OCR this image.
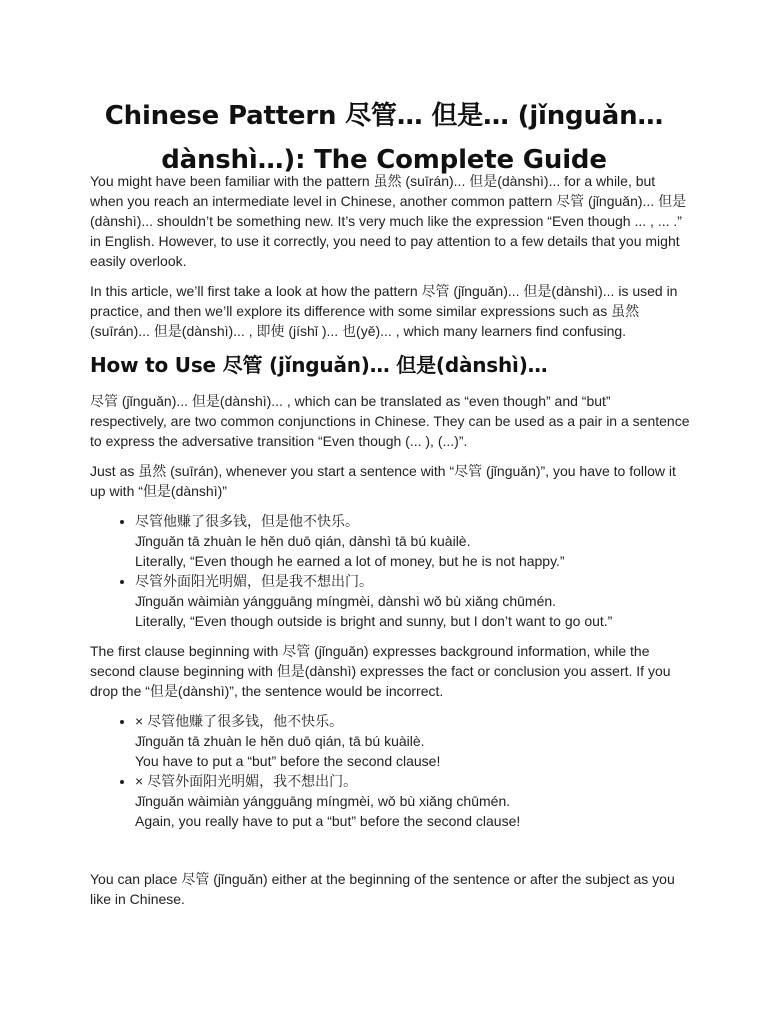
Chinese Pattern 尽管… 但是… (jǐnguǎn… dànshì…): The Complete Guide

You might have been familiar with the pattern 虽然 (suīrán)... 但是(dànshì)... for a while, but when you reach an intermediate level in Chinese, another common pattern 尽管 (jǐnguǎn)... 但是(dànshì)... shouldn’t be something new. It’s very much like the expression “Even though ... , ... .” in English. However, to use it correctly, you need to pay attention to a few details that you might easily overlook.

In this article, we’ll first take a look at how the pattern 尽管 (jǐnguǎn)... 但是(dànshì)... is used in practice, and then we’ll explore its difference with some similar expressions such as 虽然 (suīrán)... 但是(dànshì)... , 即使 (jíshǐ )... 也(yě)... , which many learners find confusing.

How to Use 尽管 (jǐnguǎn)… 但是(dànshì)…

尽管 (jǐnguǎn)... 但是(dànshì)... , which can be translated as “even though” and “but” respectively, are two common conjunctions in Chinese. They can be used as a pair in a sentence to express the adversative transition “Even though (... ), (...)”.

Just as 虽然 (suīrán), whenever you start a sentence with “尽管 (jǐnguǎn)”, you have to follow it up with “但是(dànshì)”

• 尽管他赚了很多钱，但是他不快乐。
Jǐnguǎn tā zhuàn le hěn duō qián, dànshì tā bú kuàilè.
Literally, “Even though he earned a lot of money, but he is not happy.”
• 尽管外面阳光明媚，但是我不想出门。
Jǐnguǎn wàimiàn yángguāng míngmèi, dànshì wǒ bù xiǎng chūmén.
Literally, “Even though outside is bright and sunny, but I don’t want to go out.”

The first clause beginning with 尽管 (jǐnguǎn) expresses background information, while the second clause beginning with 但是(dànshì) expresses the fact or conclusion you assert. If you drop the “但是(dànshì)”, the sentence would be incorrect.

• × 尽管他赚了很多钱，他不快乐。
Jǐnguǎn tā zhuàn le hěn duō qián, tā bú kuàilè.
You have to put a “but” before the second clause!
• × 尽管外面阳光明媚，我不想出门。
Jǐnguǎn wàimiàn yángguāng míngmèi, wǒ bù xiǎng chūmén.
Again, you really have to put a “but” before the second clause!

You can place 尽管 (jǐnguǎn) either at the beginning of the sentence or after the subject as you like in Chinese.
